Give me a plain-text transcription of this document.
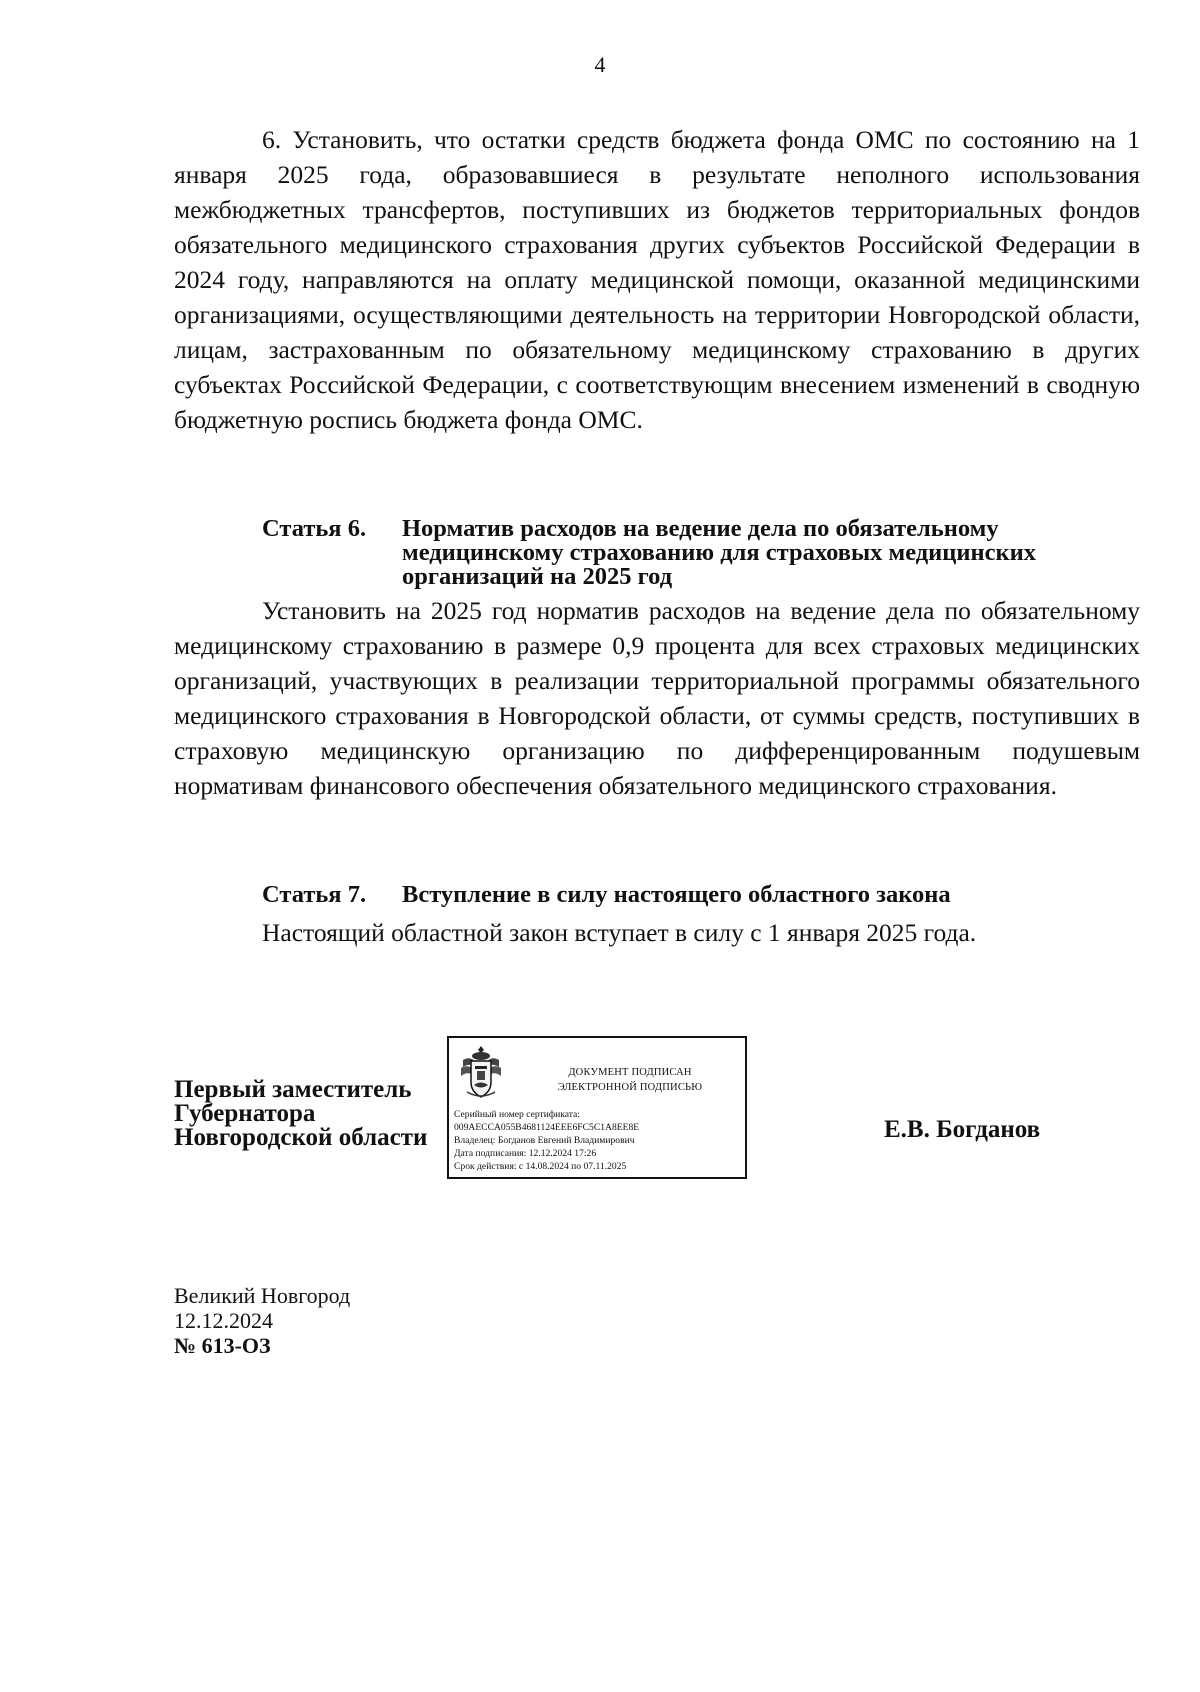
4

6. Установить, что остатки средств бюджета фонда ОМС по состоянию на 1 января 2025 года, образовавшиеся в результате неполного использования межбюджетных трансфертов, поступивших из бюджетов территориальных фондов обязательного медицинского страхования других субъектов Российской Федерации в 2024 году, направляются на оплату медицинской помощи, оказанной медицинскими организациями, осуществляющими деятельность на территории Новгородской области, лицам, застрахованным по обязательному медицинскому страхованию в других субъектах Российской Федерации, с соответствующим внесением изменений в сводную бюджетную роспись бюджета фонда ОМС.

Статья 6.	Норматив расходов на ведение дела по обязательному медицинскому страхованию для страховых медицинских организаций на 2025 год

Установить на 2025 год норматив расходов на ведение дела по обязательному медицинскому страхованию в размере 0,9 процента для всех страховых медицинских организаций, участвующих в реализации территориальной программы обязательного медицинского страхования в Новгородской области, от суммы средств, поступивших в страховую медицинскую организацию по дифференцированным подушевым нормативам финансового обеспечения обязательного медицинского страхования.

Статья 7.	Вступление в силу настоящего областного закона

Настоящий областной закон вступает в силу с 1 января 2025 года.

Первый заместитель
Губернатора
Новгородской области
ДОКУМЕНТ ПОДПИСАН
ЭЛЕКТРОННОЙ ПОДПИСЬЮ
Серийный номер сертификата:
009AECCA055B4681124EEE6FC5C1A8EE8E
Владелец: Богданов Евгений Владимирович
Дата подписания: 12.12.2024 17:26
Срок действия: с 14.08.2024 по 07.11.2025
Е.В. Богданов
Великий Новгород
12.12.2024
№ 613-ОЗ
